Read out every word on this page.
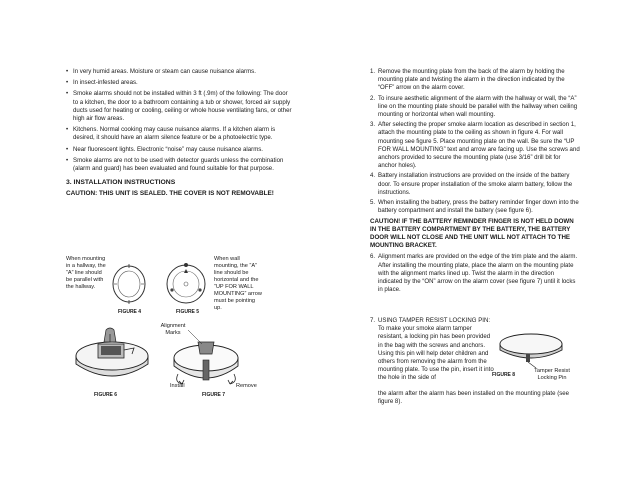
• In very humid areas. Moisture or steam can cause nuisance alarms.
• In insect-infested areas.
• Smoke alarms should not be installed within 3 ft (.9m) of the following: The door to a kitchen, the door to a bathroom containing a tub or shower, forced air supply ducts used for heating or cooling, ceiling or whole house ventilating fans, or other high air flow areas.
• Kitchens. Normal cooking may cause nuisance alarms. If a kitchen alarm is desired, it should have an alarm silence feature or be a photoelectric type.
• Near fluorescent lights. Electronic “noise” may cause nuisance alarms.
• Smoke alarms are not to be used with detector guards unless the combination (alarm and guard) has been evaluated and found suitable for that purpose.
3. INSTALLATION INSTRUCTIONS
CAUTION: THIS UNIT IS SEALED. THE COVER IS NOT REMOVABLE!
When mounting in a hallway, the “A” line should be parallel with the hallway.
FIGURE 4	FIGURE 5
When wall mounting, the “A” line should be horizontal and the “UP FOR WALL MOUNTING” arrow must be pointing up.
FIGURE 6
Alignment Marks
Install	Remove
FIGURE 7
1. Remove the mounting plate from the back of the alarm by holding the mounting plate and twisting the alarm in the direction indicated by the “OFF” arrow on the alarm cover.
2. To insure aesthetic alignment of the alarm with the hallway or wall, the “A” line on the mounting plate should be parallel with the hallway when ceiling mounting or horizontal when wall mounting.
3. After selecting the proper smoke alarm location as described in section 1, attach the mounting plate to the ceiling as shown in figure 4. For wall mounting see figure 5. Place mounting plate on the wall. Be sure the “UP FOR WALL MOUNTING” text and arrow are facing up. Use the screws and anchors provided to secure the mounting plate (use 3/16” drill bit for anchor holes).
4. Battery installation instructions are provided on the inside of the battery door. To ensure proper installation of the smoke alarm battery, follow the instructions.
5. When installing the battery, press the battery reminder finger down into the battery compartment and install the battery (see figure 6).
CAUTION! IF THE BATTERY REMINDER FINGER IS NOT HELD DOWN IN THE BATTERY COMPARTMENT BY THE BATTERY, THE BATTERY DOOR WILL NOT CLOSE AND THE UNIT WILL NOT ATTACH TO THE MOUNTING BRACKET.
6. Alignment marks are provided on the edge of the trim plate and the alarm. After installing the mounting plate, place the alarm on the mounting plate with the alignment marks lined up. Twist the alarm in the direction indicated by the “ON” arrow on the alarm cover (see figure 7) until it locks in place.
7. USING TAMPER RESIST LOCKING PIN: To make your smoke alarm tamper resistant, a locking pin has been provided in the bag with the screws and anchors. Using this pin will help deter children and others from removing the alarm from the mounting plate. To use the pin, insert it into the hole in the side of
the alarm after the alarm has been installed on the mounting plate (see figure 8).
FIGURE 8
Tamper Resist Locking Pin
